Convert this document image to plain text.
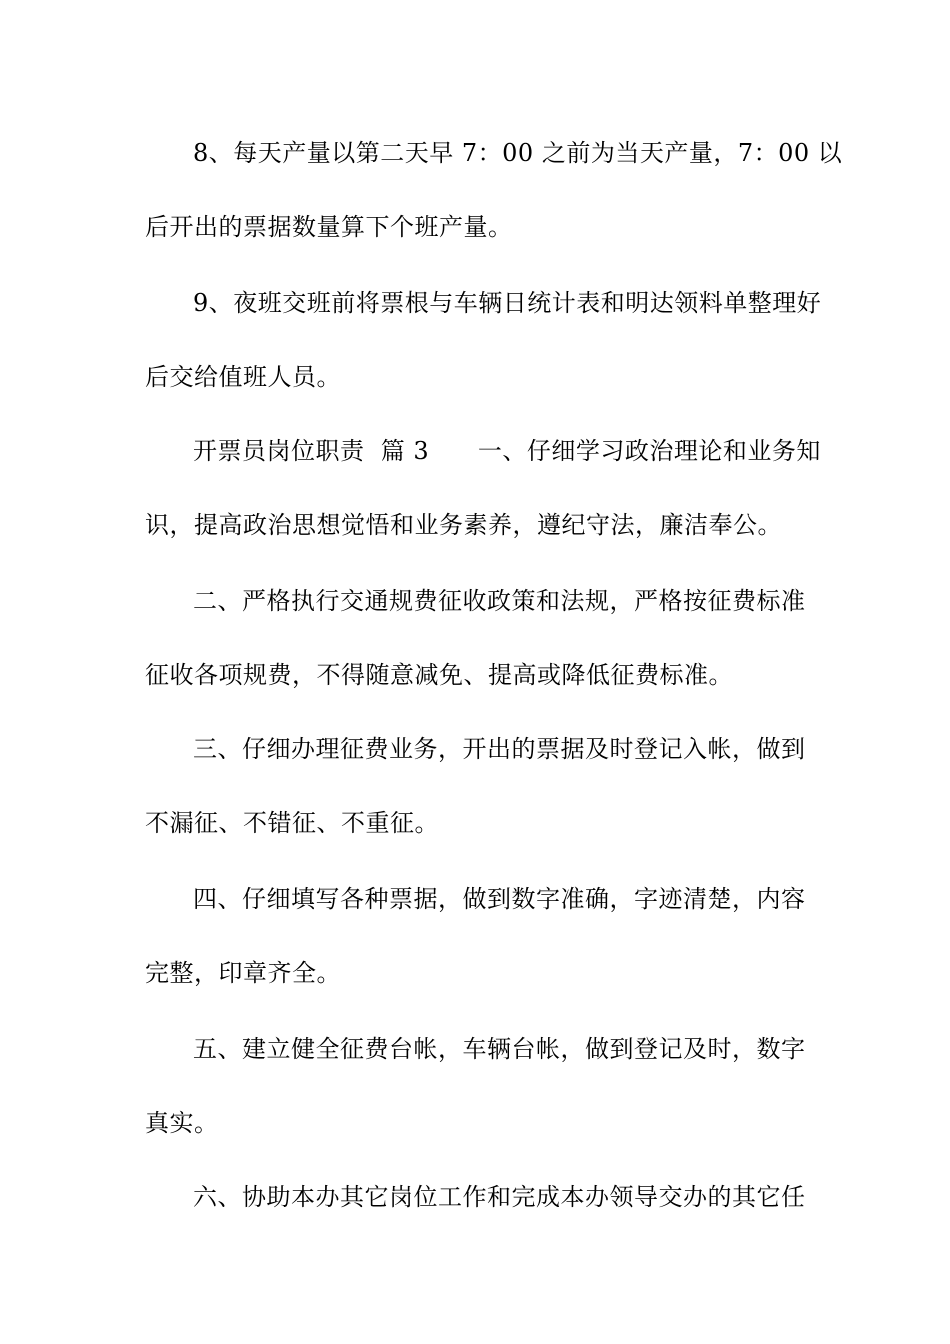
8、每天产量以第二天早 7：00 之前为当天产量，7：00 以
后开出的票据数量算下个班产量。
9、夜班交班前将票根与车辆日统计表和明达领料单整理好
后交给值班人员。
开票员岗位职责  篇 3      一、仔细学习政治理论和业务知
识，提高政治思想觉悟和业务素养，遵纪守法，廉洁奉公。
二、严格执行交通规费征收政策和法规，严格按征费标准
征收各项规费，不得随意减免、提高或降低征费标准。
三、仔细办理征费业务，开出的票据及时登记入帐，做到
不漏征、不错征、不重征。
四、仔细填写各种票据，做到数字准确，字迹清楚，内容
完整，印章齐全。
五、建立健全征费台帐，车辆台帐，做到登记及时，数字
真实。
六、协助本办其它岗位工作和完成本办领导交办的其它任
